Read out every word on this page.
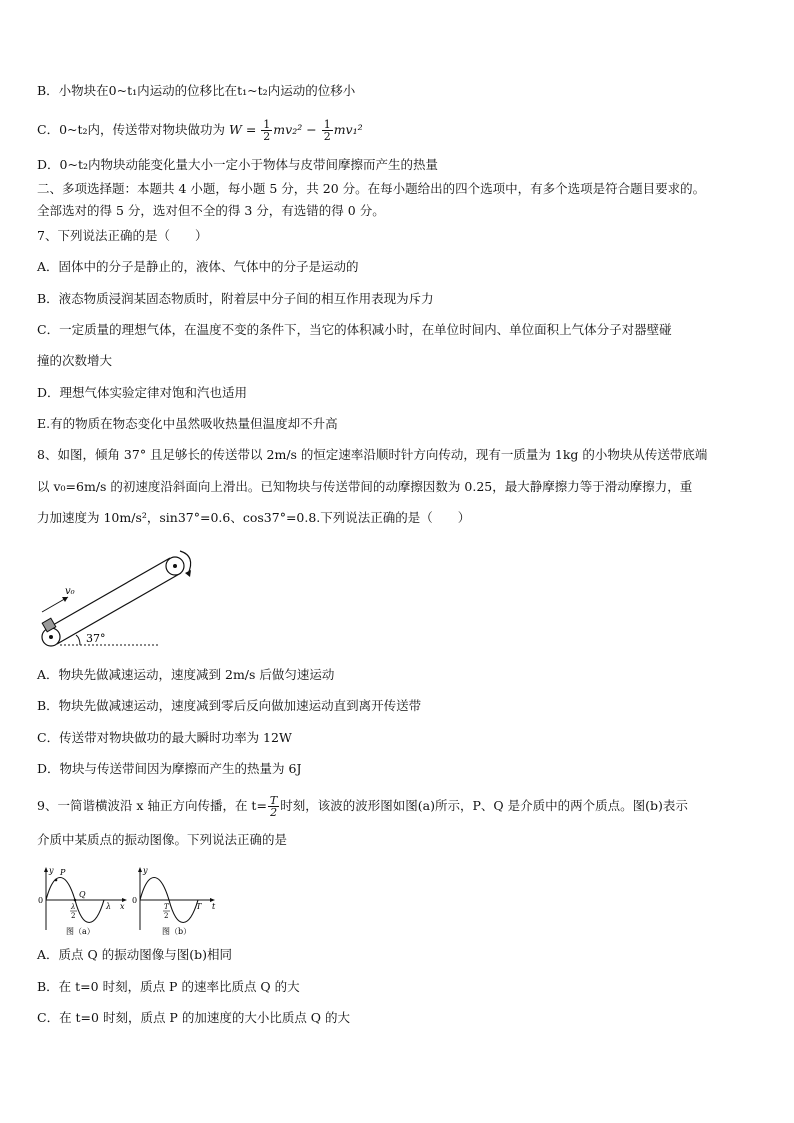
B．小物块在0~t₁内运动的位移比在t₁~t₂内运动的位移小
C．0~t₂内，传送带对物块做功为 $W = \frac{1}{2} mv_2^2 - \frac{1}{2} mv_1^2$
D．0~t₂内物块动能变化量大小一定小于物体与皮带间摩擦而产生的热量
二、多项选择题：本题共 4 小题，每小题 5 分，共 20 分。在每小题给出的四个选项中，有多个选项是符合题目要求的。
全部选对的得 5 分，选对但不全的得 3 分，有选错的得 0 分。
7、下列说法正确的是（　　）
A．固体中的分子是静止的，液体、气体中的分子是运动的
B．液态物质浸润某固态物质时，附着层中分子间的相互作用表现为斥力
C．一定质量的理想气体，在温度不变的条件下，当它的体积减小时，在单位时间内、单位面积上气体分子对器壁碰
撞的次数增大
D．理想气体实验定律对饱和汽也适用
E.有的物质在物态变化中虽然吸收热量但温度却不升高
8、如图，倾角 37° 且足够长的传送带以 2m/s 的恒定速率沿顺时针方向传动，现有一质量为 1kg 的小物块从传送带底端
以 v₀=6m/s 的初速度沿斜面向上滑出。已知物块与传送带间的动摩擦因数为 0.25，最大静摩擦力等于滑动摩擦力，重
力加速度为 10m/s²，sin37°=0.6、cos37°=0.8.下列说法正确的是（　　）
v₀
37°
A．物块先做减速运动，速度减到 2m/s 后做匀速运动
B．物块先做减速运动，速度减到零后反向做加速运动直到离开传送带
C．传送带对物块做功的最大瞬时功率为 12W
D．物块与传送带间因为摩擦而产生的热量为 6J
9、一简谐横波沿 x 轴正方向传播，在 $t= \frac{T}{2}$ 时刻，该波的波形图如图(a)所示，P、Q 是介质中的两个质点。图(b)表示
介质中某质点的振动图像。下列说法正确的是
y P
Q
0
λ
2
λ x
图（a）
y
0
T
2
T t
图（b）
A．质点 Q 的振动图像与图(b)相同
B．在 t=0 时刻，质点 P 的速率比质点 Q 的大
C．在 t=0 时刻，质点 P 的加速度的大小比质点 Q 的大
